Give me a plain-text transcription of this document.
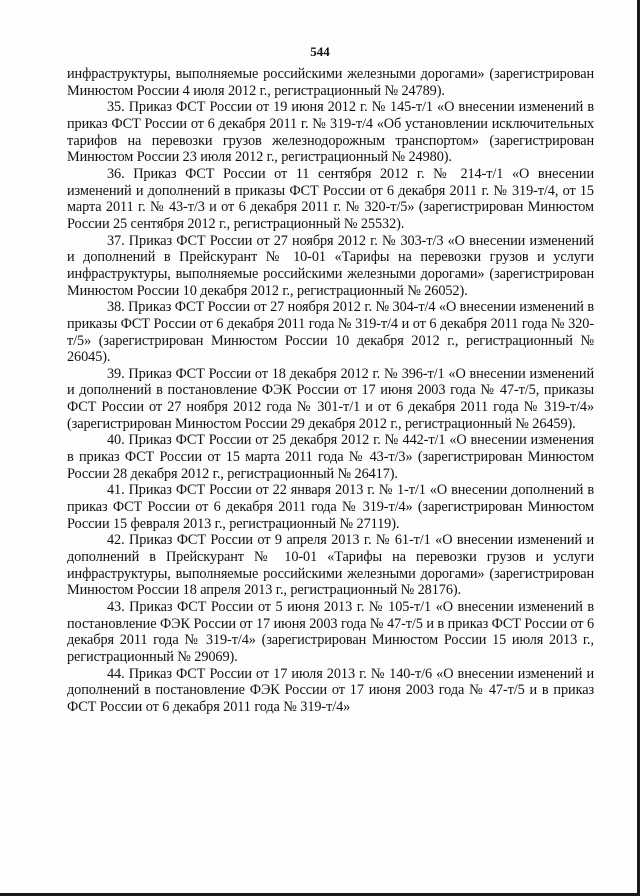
544

инфраструктуры, выполняемые российскими железными дорогами» (зарегистрирован Минюстом России 4 июля 2012 г., регистрационный № 24789).

35. Приказ ФСТ России от 19 июня 2012 г. № 145-т/1 «О внесении изменений в приказ ФСТ России от 6 декабря 2011 г. № 319-т/4 «Об установлении исключительных тарифов на перевозки грузов железнодорожным транспортом» (зарегистрирован Минюстом России 23 июля 2012 г., регистрационный № 24980).

36. Приказ ФСТ России от 11 сентября 2012 г. № 214-т/1 «О внесении изменений и дополнений в приказы ФСТ России от 6 декабря 2011 г. № 319-т/4, от 15 марта 2011 г. № 43-т/3 и от 6 декабря 2011 г. № 320-т/5» (зарегистрирован Минюстом России 25 сентября 2012 г., регистрационный № 25532).

37. Приказ ФСТ России от 27 ноября 2012 г. № 303-т/3 «О внесении изменений и дополнений в Прейскурант № 10-01 «Тарифы на перевозки грузов и услуги инфраструктуры, выполняемые российскими железными дорогами» (зарегистрирован Минюстом России 10 декабря 2012 г., регистрационный № 26052).

38. Приказ ФСТ России от 27 ноября 2012 г. № 304-т/4 «О внесении изменений в приказы ФСТ России от 6 декабря 2011 года № 319-т/4 и от 6 декабря 2011 года № 320-т/5» (зарегистрирован Минюстом России 10 декабря 2012 г., регистрационный № 26045).

39. Приказ ФСТ России от 18 декабря 2012 г. № 396-т/1 «О внесении изменений и дополнений в постановление ФЭК России от 17 июня 2003 года № 47-т/5, приказы ФСТ России от 27 ноября 2012 года № 301-т/1 и от 6 декабря 2011 года № 319-т/4» (зарегистрирован Минюстом России 29 декабря 2012 г., регистрационный № 26459).

40. Приказ ФСТ России от 25 декабря 2012 г. № 442-т/1 «О внесении изменения в приказ ФСТ России от 15 марта 2011 года № 43-т/3» (зарегистрирован Минюстом России 28 декабря 2012 г., регистрационный № 26417).

41. Приказ ФСТ России от 22 января 2013 г. № 1-т/1 «О внесении дополнений в приказ ФСТ России от 6 декабря 2011 года № 319-т/4» (зарегистрирован Минюстом России 15 февраля 2013 г., регистрационный № 27119).

42. Приказ ФСТ России от 9 апреля 2013 г. № 61-т/1 «О внесении изменений и дополнений в Прейскурант № 10-01 «Тарифы на перевозки грузов и услуги инфраструктуры, выполняемые российскими железными дорогами» (зарегистрирован Минюстом России 18 апреля 2013 г., регистрационный № 28176).

43. Приказ ФСТ России от 5 июня 2013 г. № 105-т/1 «О внесении изменений в постановление ФЭК России от 17 июня 2003 года № 47-т/5 и в приказ ФСТ России от 6 декабря 2011 года № 319-т/4» (зарегистрирован Минюстом России 15 июля 2013 г., регистрационный № 29069).

44. Приказ ФСТ России от 17 июля 2013 г. № 140-т/6 «О внесении изменений и дополнений в постановление ФЭК России от 17 июня 2003 года № 47-т/5 и в приказ ФСТ России от 6 декабря 2011 года № 319-т/4»
